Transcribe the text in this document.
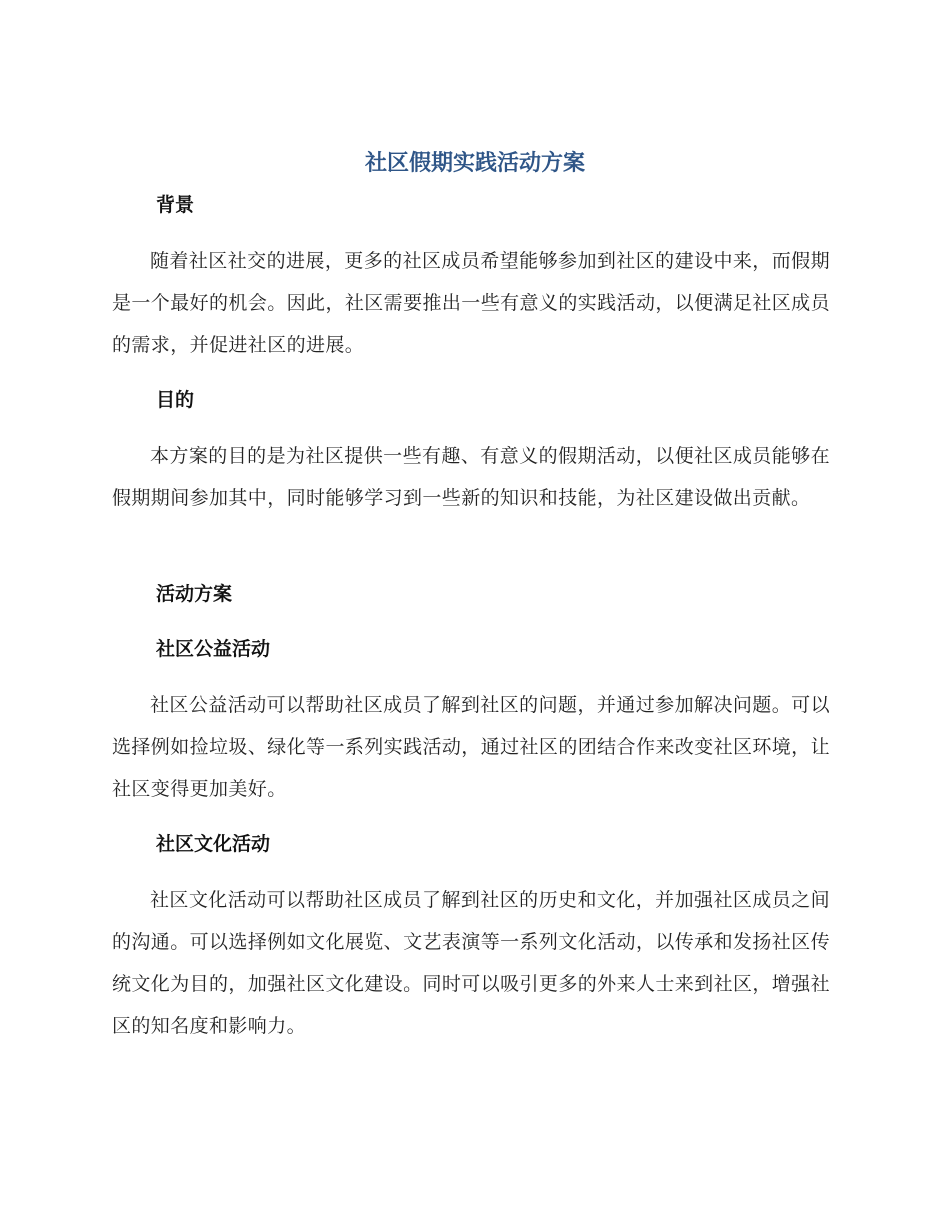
社区假期实践活动方案
背景

随着社区社交的进展，更多的社区成员希望能够参加到社区的建设中来，而假期是一个最好的机会。因此，社区需要推出一些有意义的实践活动，以便满足社区成员的需求，并促进社区的进展。

目的

本方案的目的是为社区提供一些有趣、有意义的假期活动，以便社区成员能够在假期期间参加其中，同时能够学习到一些新的知识和技能，为社区建设做出贡献。

活动方案
社区公益活动

社区公益活动可以帮助社区成员了解到社区的问题，并通过参加解决问题。可以选择例如捡垃圾、绿化等一系列实践活动，通过社区的团结合作来改变社区环境，让社区变得更加美好。

社区文化活动

社区文化活动可以帮助社区成员了解到社区的历史和文化，并加强社区成员之间的沟通。可以选择例如文化展览、文艺表演等一系列文化活动，以传承和发扬社区传统文化为目的，加强社区文化建设。同时可以吸引更多的外来人士来到社区，增强社区的知名度和影响力。
